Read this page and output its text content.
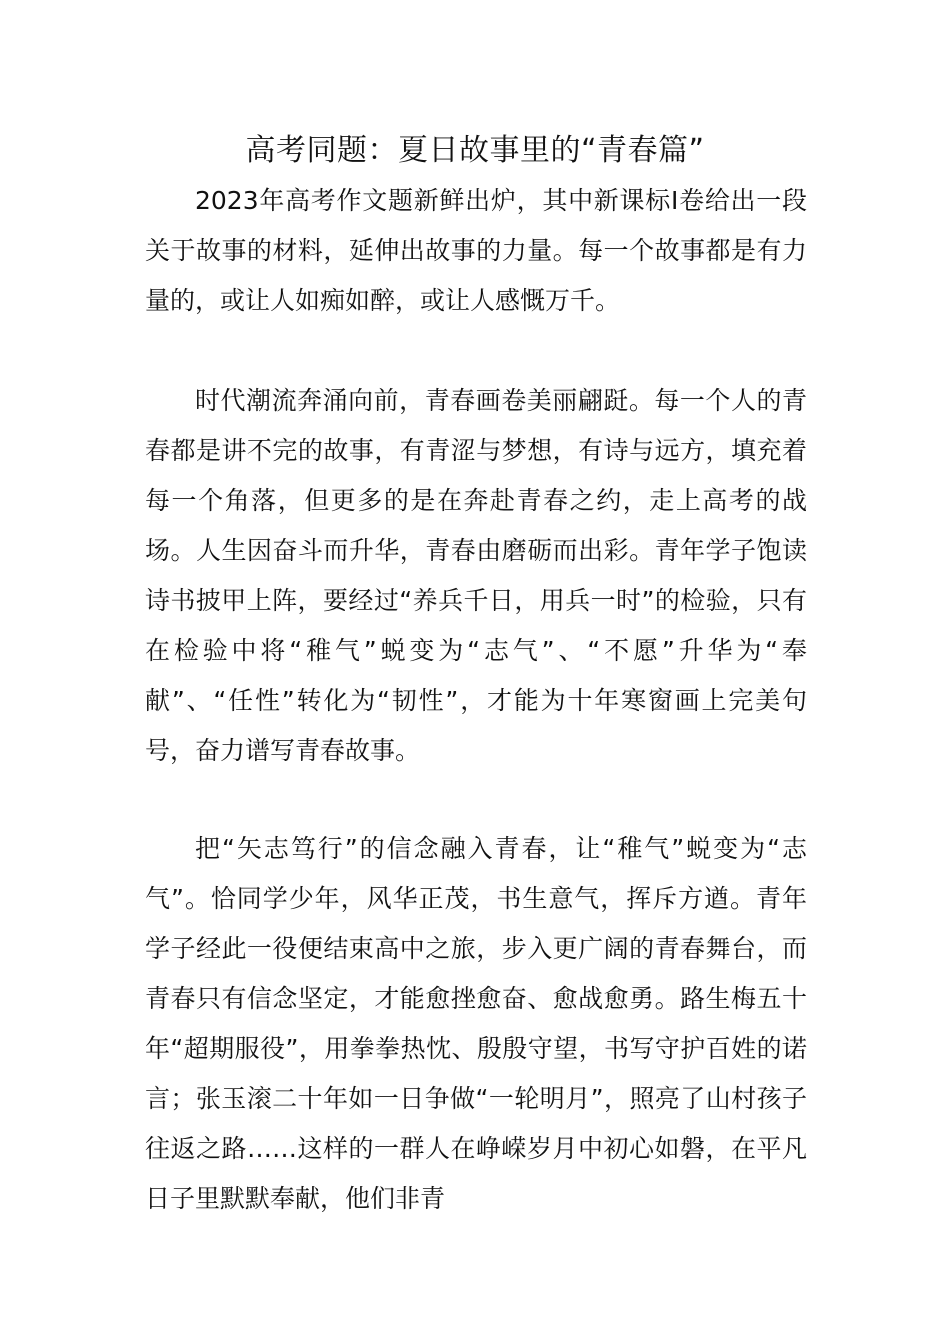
高考同题：夏日故事里的“青春篇”

2023年高考作文题新鲜出炉，其中新课标Ⅰ卷给出一段关于故事的材料，延伸出故事的力量。每一个故事都是有力量的，或让人如痴如醉，或让人感慨万千。

时代潮流奔涌向前，青春画卷美丽翩跹。每一个人的青春都是讲不完的故事，有青涩与梦想，有诗与远方，填充着每一个角落，但更多的是在奔赴青春之约，走上高考的战场。人生因奋斗而升华，青春由磨砺而出彩。青年学子饱读诗书披甲上阵，要经过“养兵千日，用兵一时”的检验，只有在检验中将“稚气”蜕变为“志气”、“不愿”升华为“奉献”、“任性”转化为“韧性”，才能为十年寒窗画上完美句号，奋力谱写青春故事。

把“矢志笃行”的信念融入青春，让“稚气”蜕变为“志气”。恰同学少年，风华正茂，书生意气，挥斥方遒。青年学子经此一役便结束高中之旅，步入更广阔的青春舞台，而青春只有信念坚定，才能愈挫愈奋、愈战愈勇。路生梅五十年“超期服役”，用拳拳热忱、殷殷守望，书写守护百姓的诺言；张玉滚二十年如一日争做“一轮明月”，照亮了山村孩子往返之路……这样的一群人在峥嵘岁月中初心如磐，在平凡日子里默默奉献，他们非青
